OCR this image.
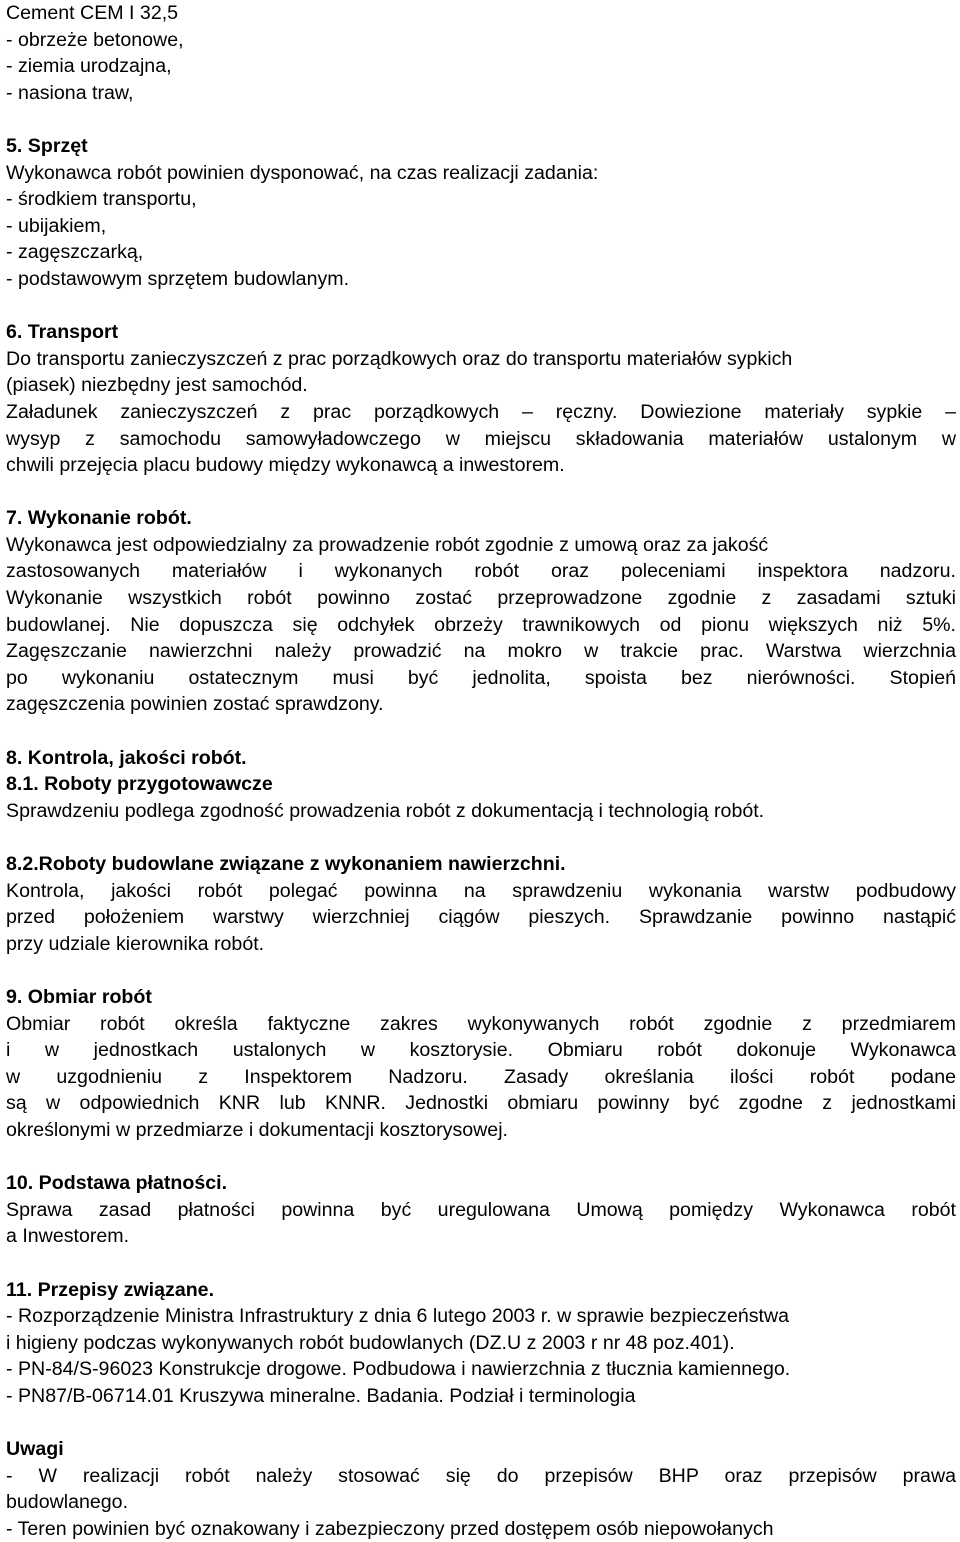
Cement CEM I 32,5
- obrzeże betonowe,
- ziemia urodzajna,
- nasiona traw,
5. Sprzęt
Wykonawca robót powinien dysponować, na czas realizacji zadania:
- środkiem transportu,
- ubijakiem,
- zagęszczarką,
- podstawowym sprzętem budowlanym.
6. Transport
Do transportu zanieczyszczeń z prac porządkowych oraz do transportu materiałów sypkich
(piasek) niezbędny jest samochód.
Załadunek zanieczyszczeń z prac porządkowych – ręczny. Dowiezione materiały sypkie –
wysyp z samochodu samowyładowczego w miejscu składowania materiałów ustalonym w
chwili przejęcia placu budowy między wykonawcą a inwestorem.
7. Wykonanie robót.
Wykonawca jest odpowiedzialny za prowadzenie robót zgodnie z umową oraz za jakość
zastosowanych materiałów i wykonanych robót oraz poleceniami inspektora nadzoru.
Wykonanie wszystkich robót powinno zostać przeprowadzone zgodnie z zasadami sztuki
budowlanej. Nie dopuszcza się odchyłek obrzeży trawnikowych od pionu większych niż 5%.
Zagęszczanie nawierzchni należy prowadzić na mokro w trakcie prac. Warstwa wierzchnia
po wykonaniu ostatecznym musi być jednolita, spoista bez nierówności. Stopień
zagęszczenia powinien zostać sprawdzony.
8. Kontrola, jakości robót.
8.1. Roboty przygotowawcze
Sprawdzeniu podlega zgodność prowadzenia robót z dokumentacją i technologią robót.
8.2.Roboty budowlane związane z wykonaniem nawierzchni.
Kontrola, jakości robót polegać powinna na sprawdzeniu wykonania warstw podbudowy
przed położeniem warstwy wierzchniej ciągów pieszych. Sprawdzanie powinno nastąpić
przy udziale kierownika robót.
9. Obmiar robót
Obmiar robót określa faktyczne zakres wykonywanych robót zgodnie z przedmiarem
i w jednostkach ustalonych w kosztorysie. Obmiaru robót dokonuje Wykonawca
w uzgodnieniu z Inspektorem Nadzoru. Zasady określania ilości robót podane
są w odpowiednich KNR lub KNNR. Jednostki obmiaru powinny być zgodne z jednostkami
określonymi w przedmiarze i dokumentacji kosztorysowej.
10. Podstawa płatności.
Sprawa zasad płatności powinna być uregulowana Umową pomiędzy Wykonawca robót
a Inwestorem.
11. Przepisy związane.
- Rozporządzenie Ministra Infrastruktury z dnia 6 lutego 2003 r. w sprawie bezpieczeństwa
i higieny podczas wykonywanych robót budowlanych (DZ.U z 2003 r nr 48 poz.401).
- PN-84/S-96023 Konstrukcje drogowe. Podbudowa i nawierzchnia z tłucznia kamiennego.
- PN87/B-06714.01 Kruszywa mineralne. Badania. Podział i terminologia
Uwagi
- W realizacji robót należy stosować się do przepisów BHP oraz przepisów prawa
budowlanego.
- Teren powinien być oznakowany i zabezpieczony przed dostępem osób niepowołanych
